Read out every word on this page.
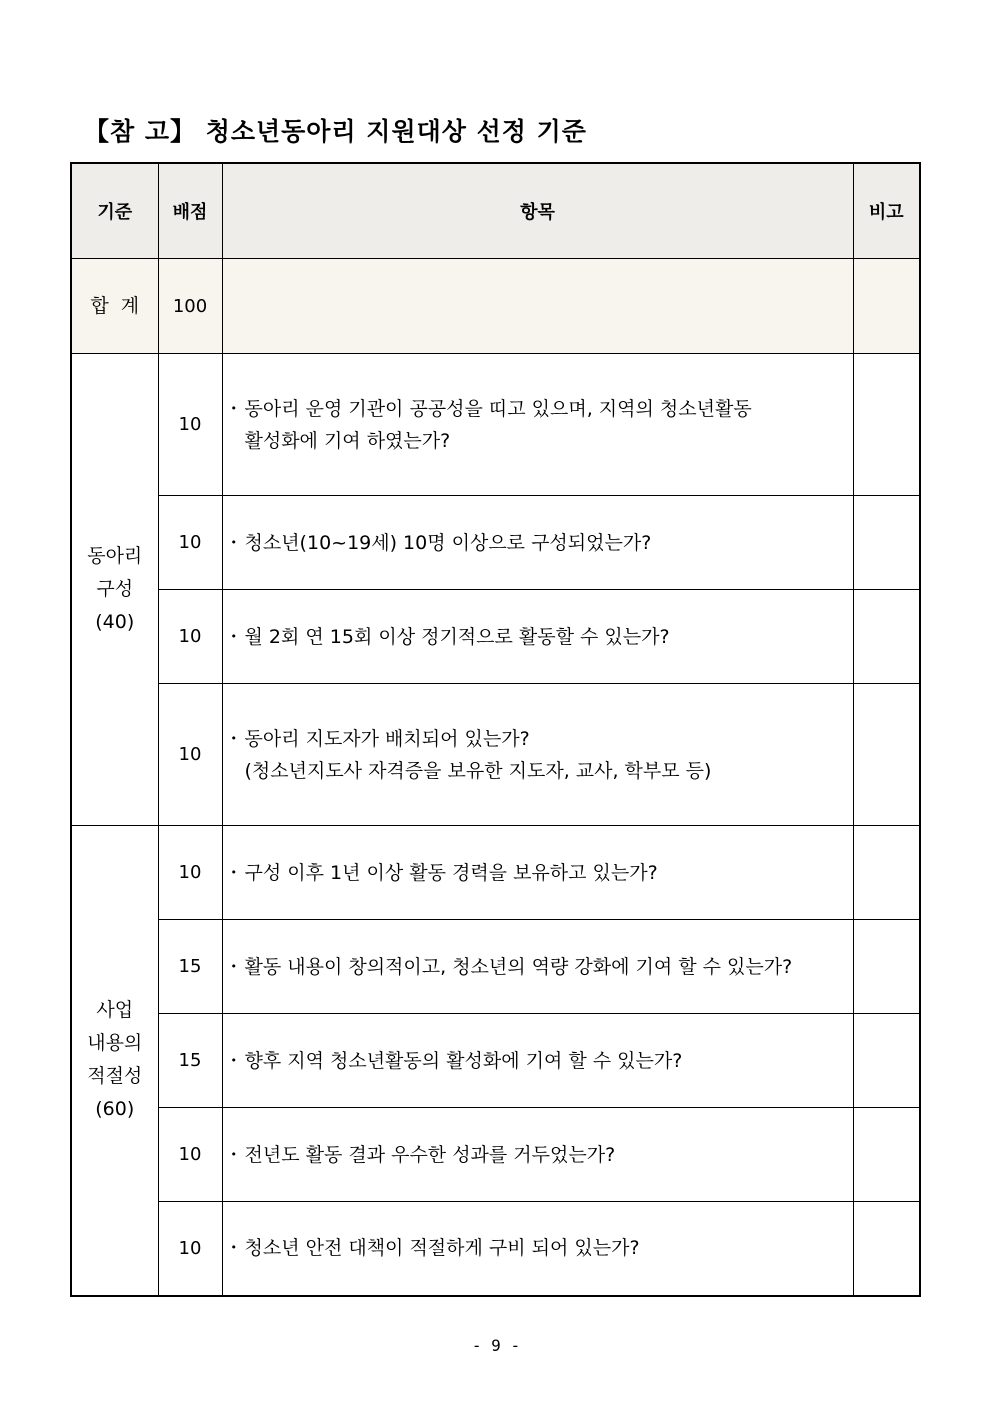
【참 고】 청소년동아리 지원대상 선정 기준
기준	배점	항목	비고

합  계	100		

동아리
구성
(40)	10	• 동아리 운영 기관이 공공성을 띠고 있으며, 지역의 청소년활동
활성화에 기여 하였는가?	

	10	• 청소년(10~19세) 10명 이상으로 구성되었는가?	

	10	• 월 2회 연 15회 이상 정기적으로 활동할 수 있는가?	

	10	• 동아리 지도자가 배치되어 있는가?
(청소년지도사 자격증을 보유한 지도자, 교사, 학부모 등)	

사업
내용의
적절성
(60)	10	• 구성 이후 1년 이상 활동 경력을 보유하고 있는가?	

	15	• 활동 내용이 창의적이고, 청소년의 역량 강화에 기여 할 수 있는가?	

	15	• 향후 지역 청소년활동의 활성화에 기여 할 수 있는가?	

	10	• 전년도 활동 결과 우수한 성과를 거두었는가?	

	10	• 청소년 안전 대책이 적절하게 구비 되어 있는가?	

- 9 -
